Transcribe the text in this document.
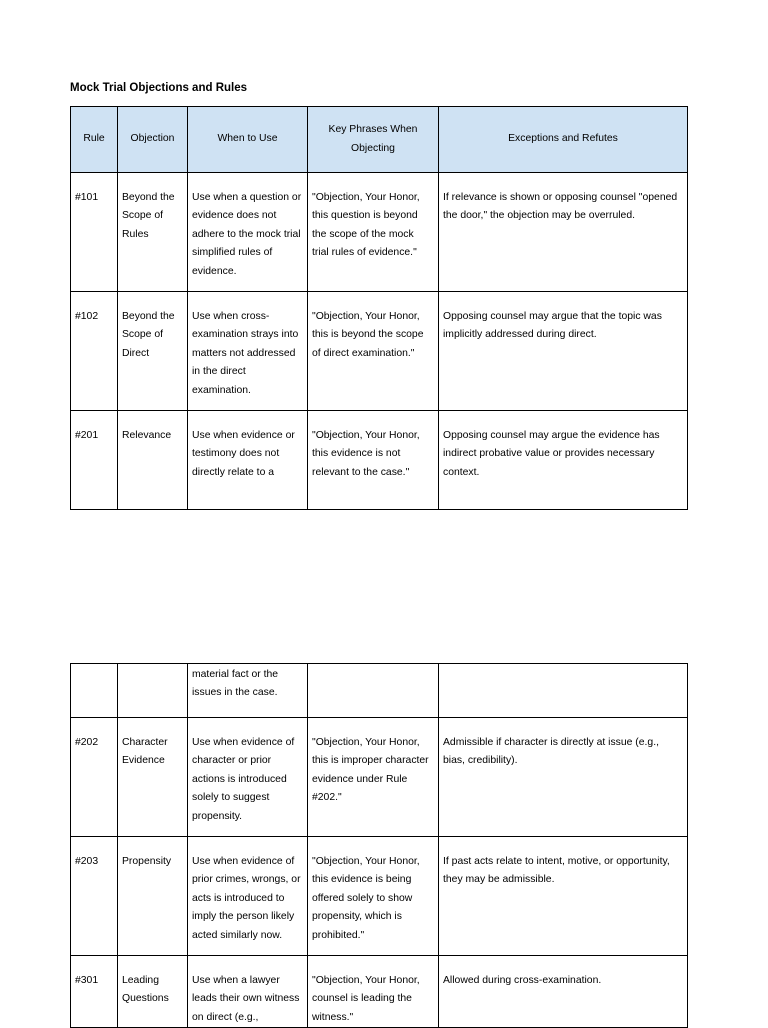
Mock Trial Objections and Rules
Rule	Objection	When to Use	Key Phrases When Objecting	Exceptions and Refutes
#101	Beyond the Scope of Rules	Use when a question or evidence does not adhere to the mock trial simplified rules of evidence.	"Objection, Your Honor, this question is beyond the scope of the mock trial rules of evidence."	If relevance is shown or opposing counsel "opened the door," the objection may be overruled.
#102	Beyond the Scope of Direct	Use when cross-examination strays into matters not addressed in the direct examination.	"Objection, Your Honor, this is beyond the scope of direct examination."	Opposing counsel may argue that the topic was implicitly addressed during direct.
#201	Relevance	Use when evidence or testimony does not directly relate to a	"Objection, Your Honor, this evidence is not relevant to the case."	Opposing counsel may argue the evidence has indirect probative value or provides necessary context.
		material fact or the issues in the case.		
#202	Character Evidence	Use when evidence of character or prior actions is introduced solely to suggest propensity.	"Objection, Your Honor, this is improper character evidence under Rule #202."	Admissible if character is directly at issue (e.g., bias, credibility).
#203	Propensity	Use when evidence of prior crimes, wrongs, or acts is introduced to imply the person likely acted similarly now.	"Objection, Your Honor, this evidence is being offered solely to show propensity, which is prohibited."	If past acts relate to intent, motive, or opportunity, they may be admissible.
#301	Leading Questions	Use when a lawyer leads their own witness on direct (e.g.,	"Objection, Your Honor, counsel is leading the witness."	Allowed during cross-examination.
